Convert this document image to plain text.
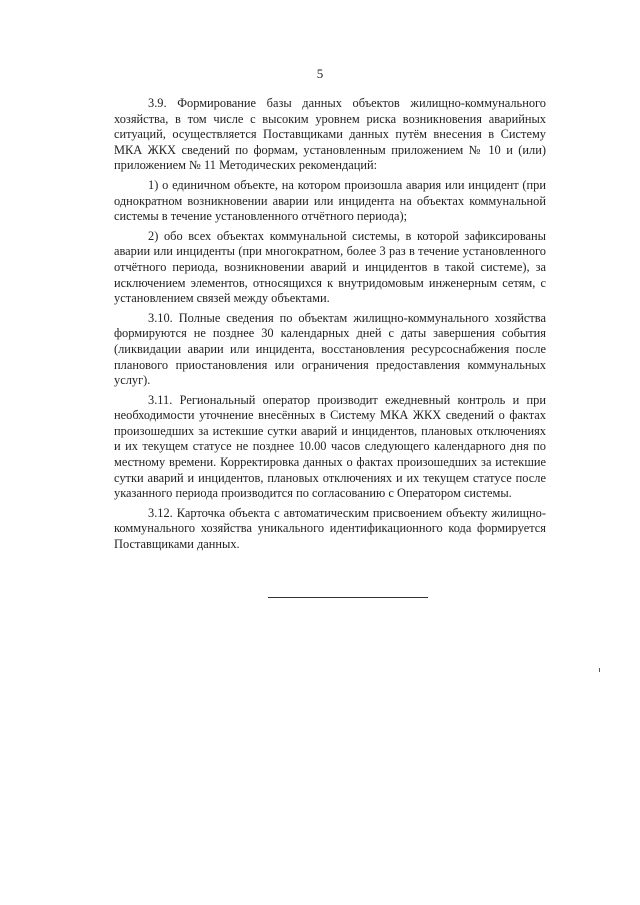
5

3.9. Формирование базы данных объектов жилищно-коммунального хозяйства, в том числе с высоким уровнем риска возникновения аварийных ситуаций, осуществляется Поставщиками данных путём внесения в Систему МКА ЖКХ сведений по формам, установленным приложением № 10 и (или) приложением № 11 Методических рекомендаций:

1) о единичном объекте, на котором произошла авария или инцидент (при однократном возникновении аварии или инцидента на объектах коммунальной системы в течение установленного отчётного периода);

2) обо всех объектах коммунальной системы, в которой зафиксированы аварии или инциденты (при многократном, более 3 раз в течение установленного отчётного периода, возникновении аварий и инцидентов в такой системе), за исключением элементов, относящихся к внутридомовым инженерным сетям, с установлением связей между объектами.

3.10. Полные сведения по объектам жилищно-коммунального хозяйства формируются не позднее 30 календарных дней с даты завершения события (ликвидации аварии или инцидента, восстановления ресурсоснабжения после планового приостановления или ограничения предоставления коммунальных услуг).

3.11. Региональный оператор производит ежедневный контроль и при необходимости уточнение внесённых в Систему МКА ЖКХ сведений о фактах произошедших за истекшие сутки аварий и инцидентов, плановых отключениях и их текущем статусе не позднее 10.00 часов следующего календарного дня по местному времени. Корректировка данных о фактах произошедших за истекшие сутки аварий и инцидентов, плановых отключениях и их текущем статусе после указанного периода производится по согласованию с Оператором системы.

3.12. Карточка объекта с автоматическим присвоением объекту жилищно-коммунального хозяйства уникального идентификационного кода формируется Поставщиками данных.
